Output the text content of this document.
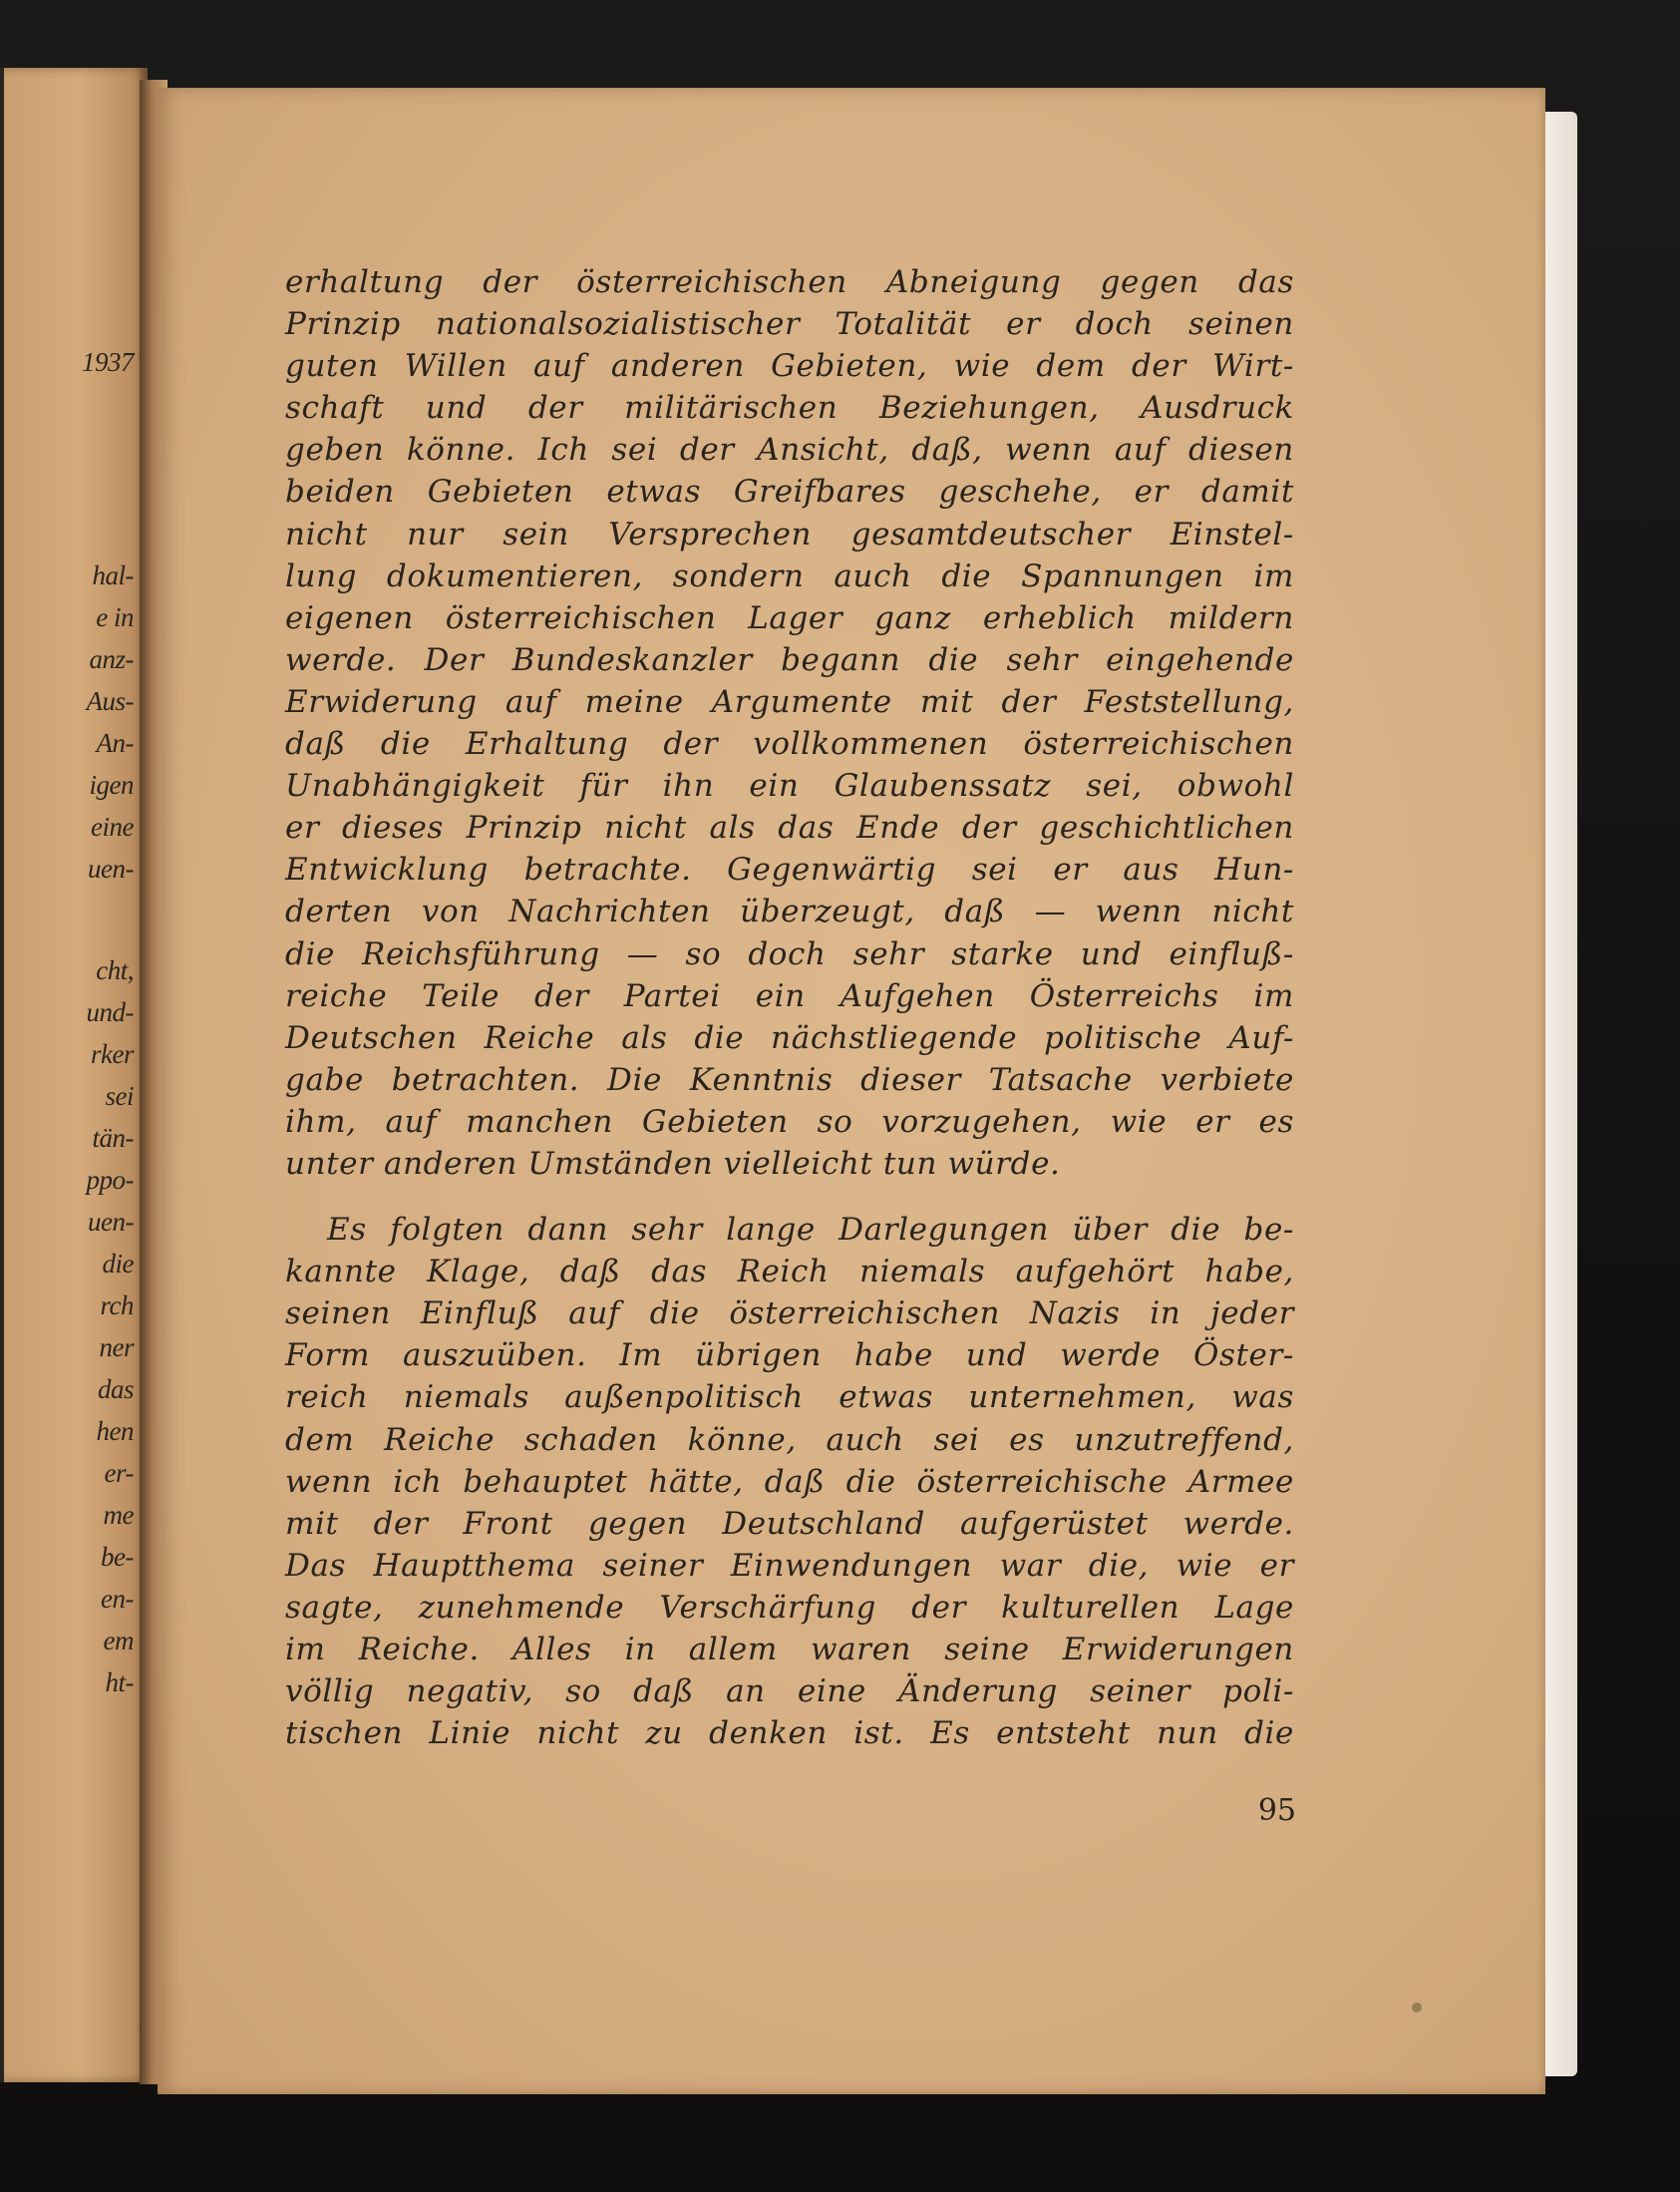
1937
hal-
e in
anz-
Aus-
An-
igen
eine
uen-
cht,
und-
rker
sei
tän-
ppo-
uen-
die
rch
ner
das
hen
er-
me
be-
en-
em
ht-
erhaltung der österreichischen Abneigung gegen das
Prinzip nationalsozialistischer Totalität er doch seinen
guten Willen auf anderen Gebieten, wie dem der Wirt-
schaft und der militärischen Beziehungen, Ausdruck
geben könne. Ich sei der Ansicht, daß, wenn auf diesen
beiden Gebieten etwas Greifbares geschehe, er damit
nicht nur sein Versprechen gesamtdeutscher Einstel-
lung dokumentieren, sondern auch die Spannungen im
eigenen österreichischen Lager ganz erheblich mildern
werde. Der Bundeskanzler begann die sehr eingehende
Erwiderung auf meine Argumente mit der Feststellung,
daß die Erhaltung der vollkommenen österreichischen
Unabhängigkeit für ihn ein Glaubenssatz sei, obwohl
er dieses Prinzip nicht als das Ende der geschichtlichen
Entwicklung betrachte. Gegenwärtig sei er aus Hun-
derten von Nachrichten überzeugt, daß — wenn nicht
die Reichsführung — so doch sehr starke und einfluß-
reiche Teile der Partei ein Aufgehen Österreichs im
Deutschen Reiche als die nächstliegende politische Auf-
gabe betrachten. Die Kenntnis dieser Tatsache verbiete
ihm, auf manchen Gebieten so vorzugehen, wie er es
unter anderen Umständen vielleicht tun würde.
Es folgten dann sehr lange Darlegungen über die be-
kannte Klage, daß das Reich niemals aufgehört habe,
seinen Einfluß auf die österreichischen Nazis in jeder
Form auszuüben. Im übrigen habe und werde Öster-
reich niemals außenpolitisch etwas unternehmen, was
dem Reiche schaden könne, auch sei es unzutreffend,
wenn ich behauptet hätte, daß die österreichische Armee
mit der Front gegen Deutschland aufgerüstet werde.
Das Hauptthema seiner Einwendungen war die, wie er
sagte, zunehmende Verschärfung der kulturellen Lage
im Reiche. Alles in allem waren seine Erwiderungen
völlig negativ, so daß an eine Änderung seiner poli-
tischen Linie nicht zu denken ist. Es entsteht nun die
95
